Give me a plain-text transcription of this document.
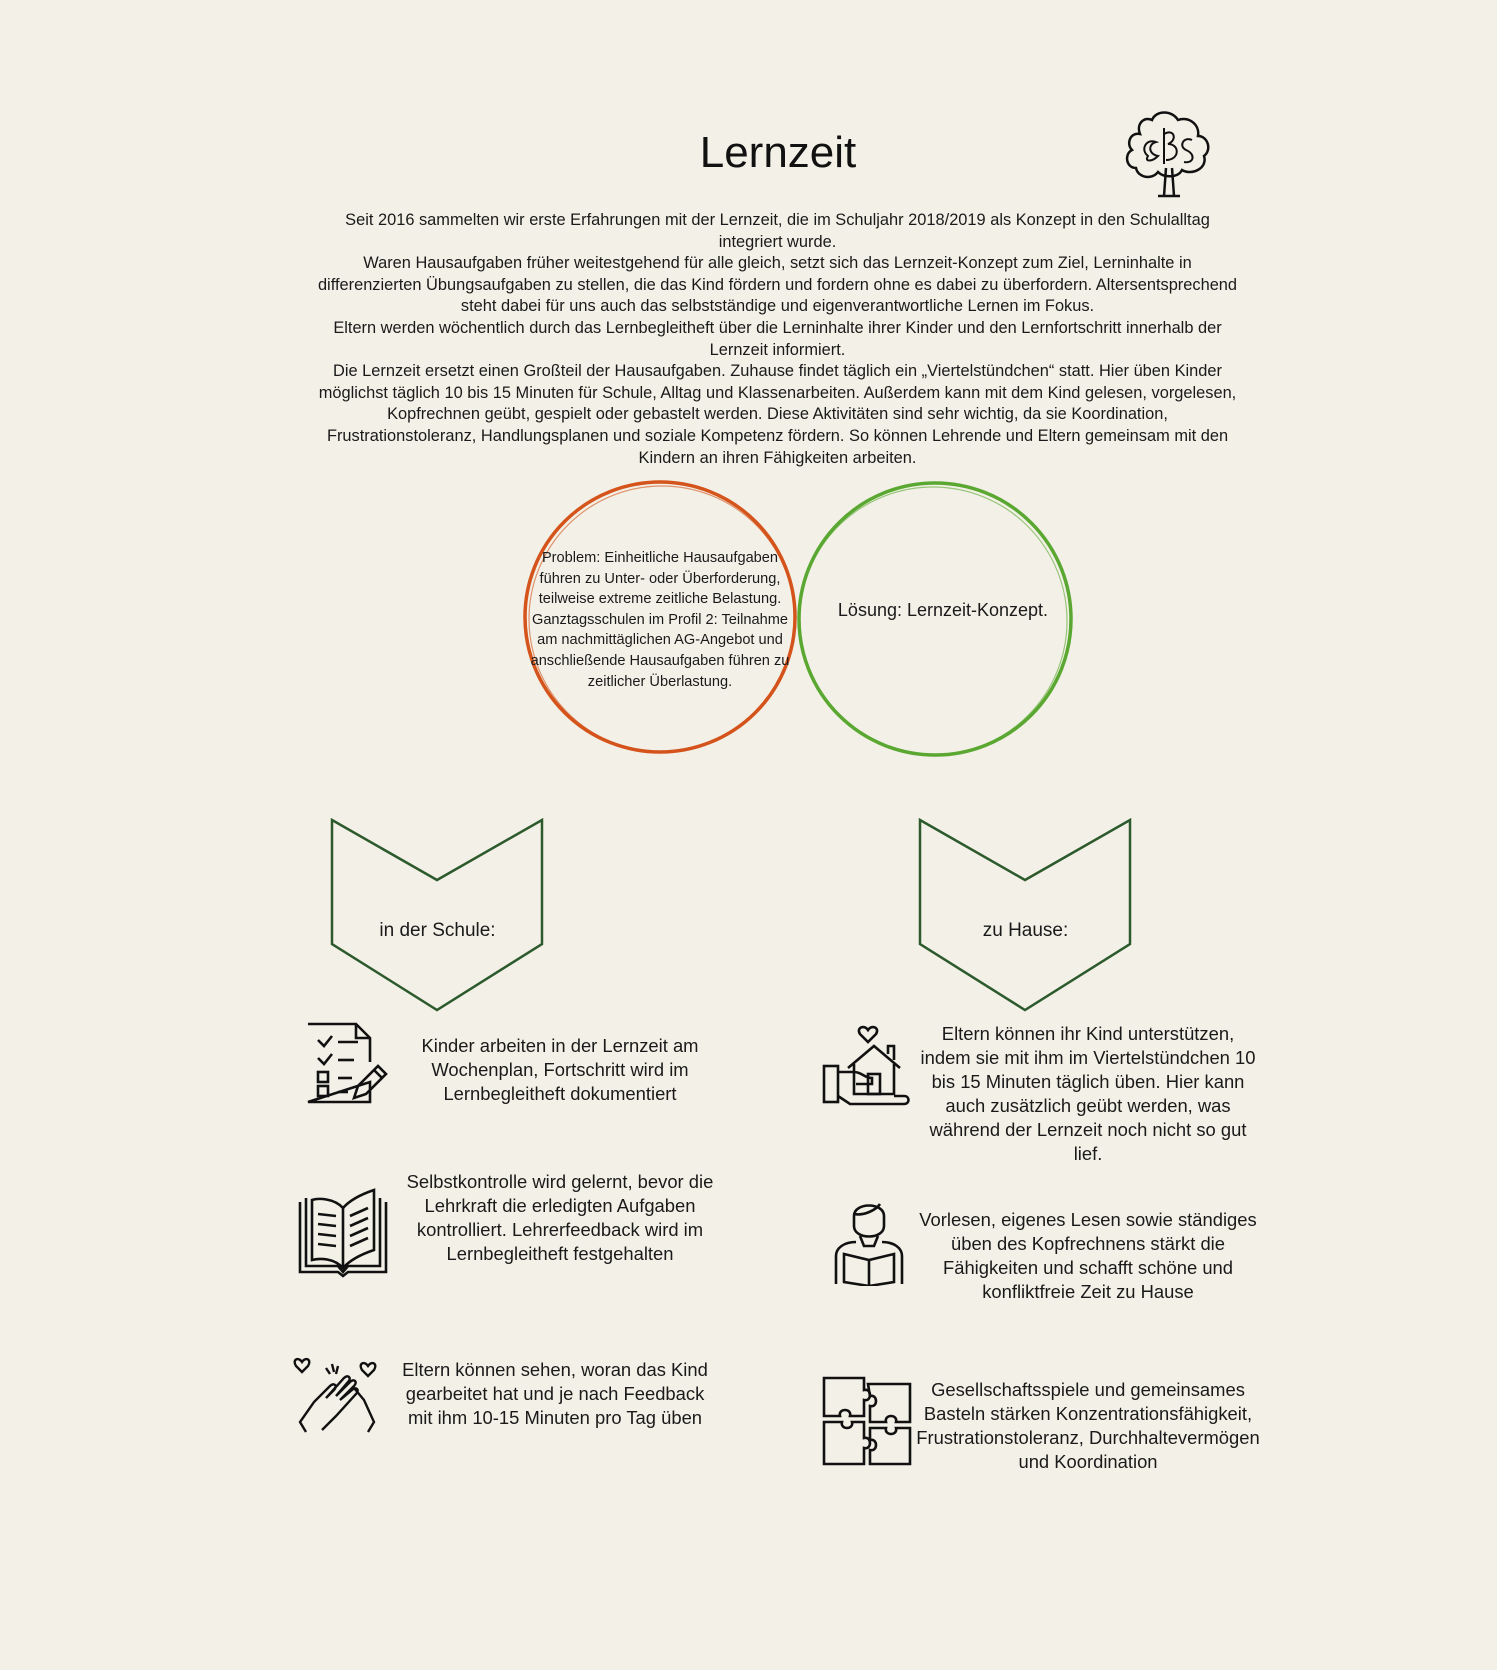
Lernzeit

Seit 2016 sammelten wir erste Erfahrungen mit der Lernzeit, die im Schuljahr 2018/2019 als Konzept in den Schulalltag integriert wurde.

Waren Hausaufgaben früher weitestgehend für alle gleich, setzt sich das Lernzeit-Konzept zum Ziel, Lerninhalte in differenzierten Übungsaufgaben zu stellen, die das Kind fördern und fordern ohne es dabei zu überfordern. Altersentsprechend steht dabei für uns auch das selbstständige und eigenverantwortliche Lernen im Fokus.

Eltern werden wöchentlich durch das Lernbegleitheft über die Lerninhalte ihrer Kinder und den Lernfortschritt innerhalb der Lernzeit informiert.

Die Lernzeit ersetzt einen Großteil der Hausaufgaben. Zuhause findet täglich ein „Viertelstündchen“ statt. Hier üben Kinder möglichst täglich 10 bis 15 Minuten für Schule, Alltag und Klassenarbeiten. Außerdem kann mit dem Kind gelesen, vorgelesen, Kopfrechnen geübt, gespielt oder gebastelt werden. Diese Aktivitäten sind sehr wichtig, da sie Koordination, Frustrationstoleranz, Handlungsplanen und soziale Kompetenz fördern. So können Lehrende und Eltern gemeinsam mit den Kindern an ihren Fähigkeiten arbeiten.

Problem: Einheitliche Hausaufgaben führen zu Unter- oder Überforderung, teilweise extreme zeitliche Belastung. Ganztagsschulen im Profil 2: Teilnahme am nachmittäglichen AG-Angebot und anschließende Hausaufgaben führen zu zeitlicher Überlastung.
Lösung: Lernzeit-Konzept.
in der Schule:	zu Hause:
Kinder arbeiten in der Lernzeit am Wochenplan, Fortschritt wird im Lernbegleitheft dokumentiert
Selbstkontrolle wird gelernt, bevor die Lehrkraft die erledigten Aufgaben kontrolliert. Lehrerfeedback wird im Lernbegleitheft festgehalten
Eltern können sehen, woran das Kind gearbeitet hat und je nach Feedback mit ihm 10-15 Minuten pro Tag üben
Eltern können ihr Kind unterstützen, indem sie mit ihm im Viertelstündchen 10 bis 15 Minuten täglich üben. Hier kann auch zusätzlich geübt werden, was während der Lernzeit noch nicht so gut lief.
Vorlesen, eigenes Lesen sowie ständiges üben des Kopfrechnens stärkt die Fähigkeiten und schafft schöne und konfliktfreie Zeit zu Hause
Gesellschaftsspiele und gemeinsames Basteln stärken Konzentrationsfähigkeit, Frustrationstoleranz, Durchhaltevermögen und Koordination
